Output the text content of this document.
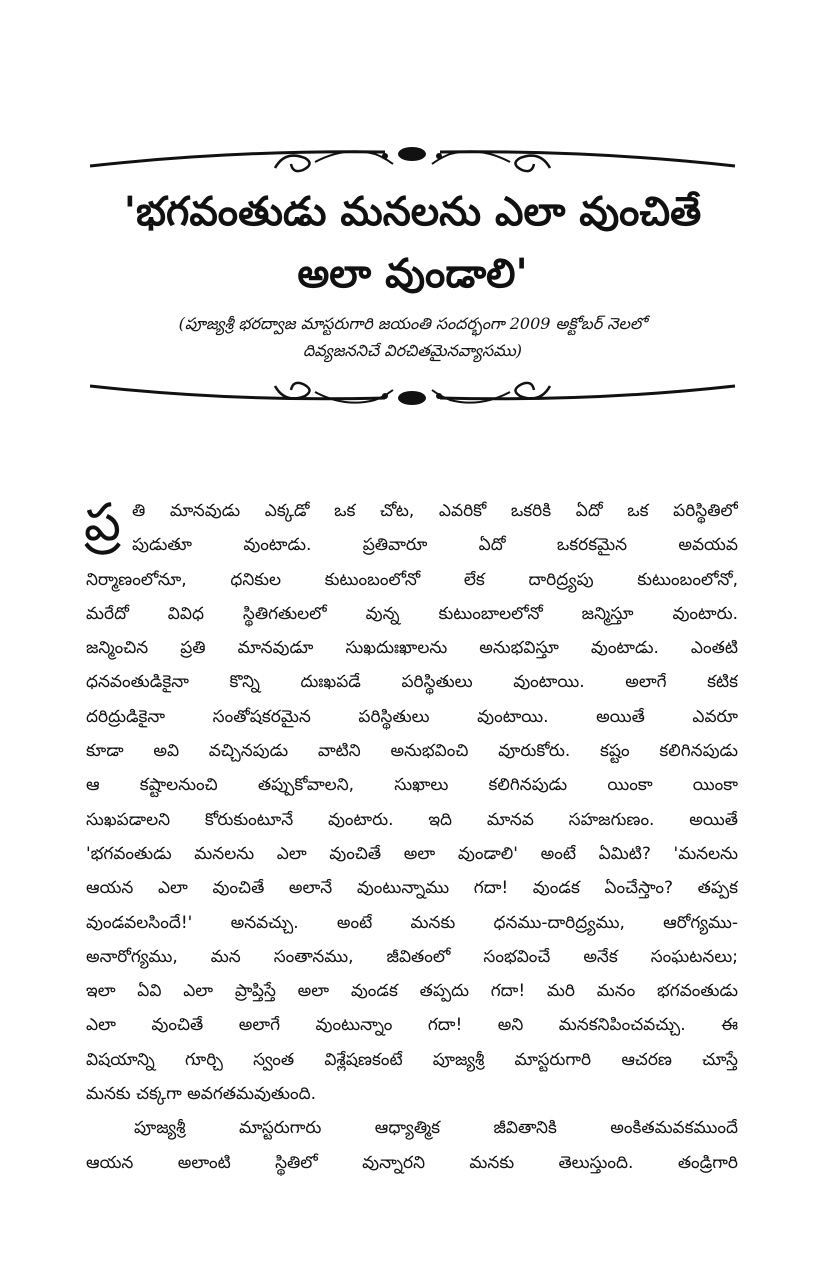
'భగవంతుడు మనలను ఎలా వుంచితే
అలా వుండాలి'
(పూజ్యశ్రీ భరద్వాజ మాస్టరుగారి జయంతి సందర్భంగా 2009 అక్టోబర్ నెలలో
దివ్యజననిచే విరచితమైనవ్యాసము)
ప్ర తి మానవుడు ఎక్కడో ఒక చోట, ఎవరికో ఒకరికి ఏదో ఒక పరిస్థితిలో
పుడుతూ వుంటాడు. ప్రతివారూ ఏదో ఒకరకమైన అవయవ
నిర్మాణంలోనూ, ధనికుల కుటుంబంలోనో లేక దారిద్ర్యపు కుటుంబంలోనో,
మరేదో వివిధ స్థితిగతులలో వున్న కుటుంబాలలోనో జన్మిస్తూ వుంటారు.
జన్మించిన ప్రతి మానవుడూ సుఖదుఃఖాలను అనుభవిస్తూ వుంటాడు. ఎంతటి
ధనవంతుడికైనా కొన్ని దుఃఖపడే పరిస్థితులు వుంటాయి. అలాగే కటిక
దరిద్రుడికైనా సంతోషకరమైన పరిస్థితులు వుంటాయి. అయితే ఎవరూ
కూడా అవి వచ్చినపుడు వాటిని అనుభవించి వూరుకోరు. కష్టం కలిగినపుడు
ఆ కష్టాలనుంచి తప్పుకోవాలని, సుఖాలు కలిగినపుడు యింకా యింకా
సుఖపడాలని కోరుకుంటూనే వుంటారు. ఇది మానవ సహజగుణం. అయితే
'భగవంతుడు మనలను ఎలా వుంచితే అలా వుండాలి' అంటే ఏమిటి? 'మనలను
ఆయన ఎలా వుంచితే అలానే వుంటున్నాము గదా! వుండక ఏంచేస్తాం? తప్పక
వుండవలసిందే!' అనవచ్చు. అంటే మనకు ధనము-దారిద్ర్యము, ఆరోగ్యము-
అనారోగ్యము, మన సంతానము, జీవితంలో సంభవించే అనేక సంఘటనలు;
ఇలా ఏవి ఎలా ప్రాప్తిస్తే అలా వుండక తప్పదు గదా! మరి మనం భగవంతుడు
ఎలా వుంచితే అలాగే వుంటున్నాం గదా! అని మనకనిపించవచ్చు. ఈ
విషయాన్ని గూర్చి స్వంత విశ్లేషణకంటే పూజ్యశ్రీ మాస్టరుగారి ఆచరణ చూస్తే
మనకు చక్కగా అవగతమవుతుంది.
పూజ్యశ్రీ మాస్టరుగారు ఆధ్యాత్మిక జీవితానికి అంకితమవకముందే
ఆయన అలాంటి స్థితిలో వున్నారని మనకు తెలుస్తుంది. తండ్రిగారి
